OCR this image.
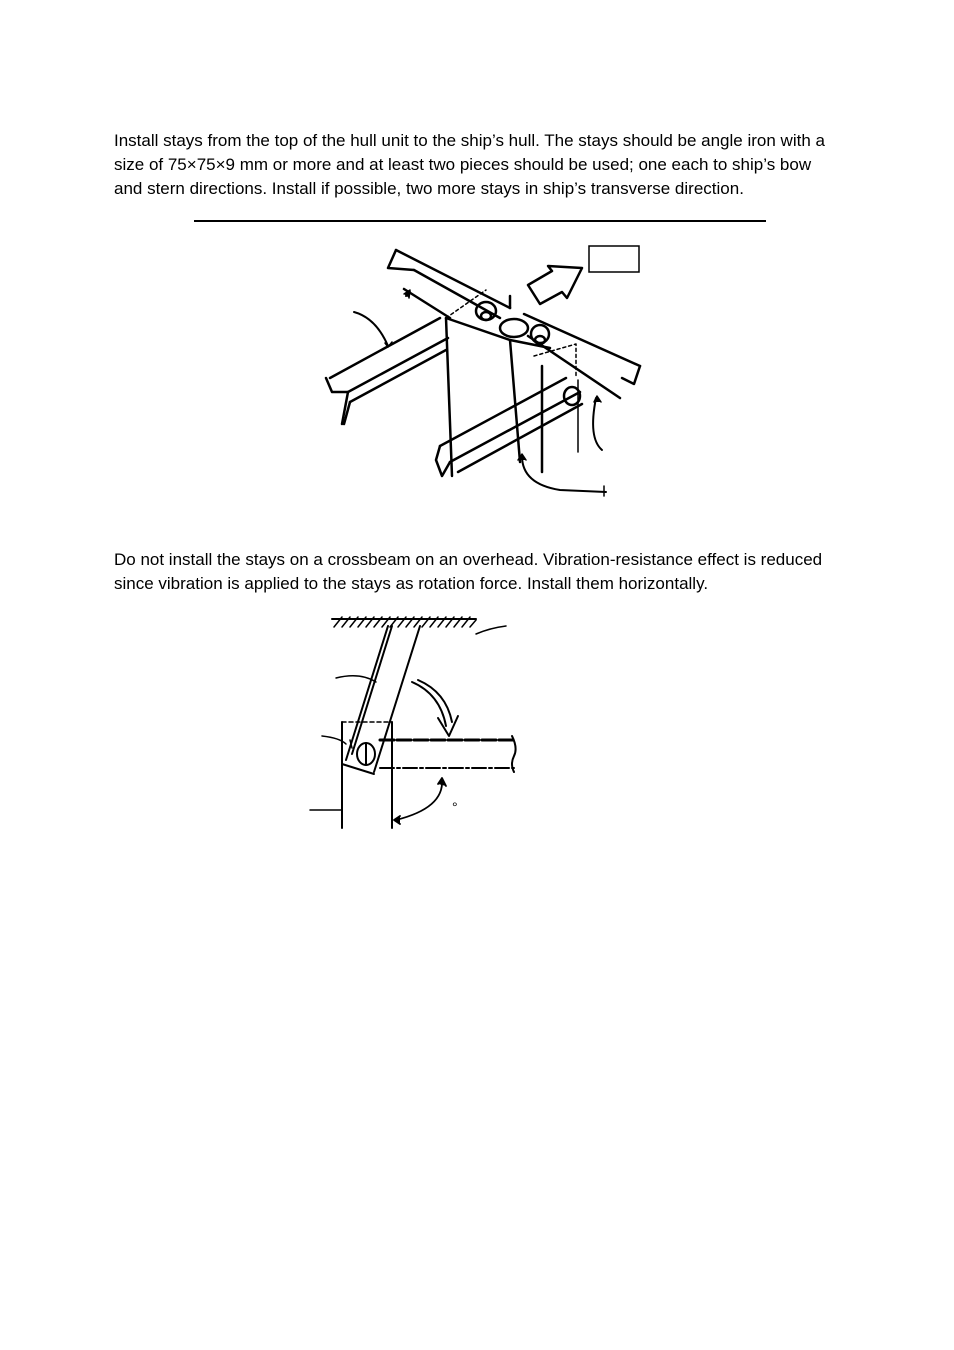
Install stays from the top of the hull unit to the ship’s hull. The stays should be angle iron with a size of 75×75×9 mm or more and at least two pieces should be used; one each to ship’s bow and stern directions. Install if possible, two more stays in ship’s transverse direction.

Do not install the stays on a crossbeam on an overhead. Vibration-resistance effect is reduced since vibration is applied to the stays as rotation force. Install them horizontally.

°
